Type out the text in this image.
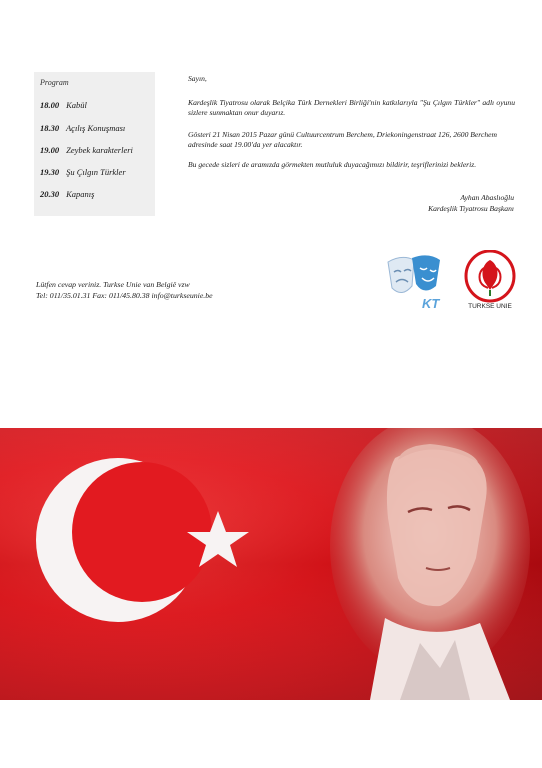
Program
18.00 Kabül
18.30 Açılış Konuşması
19.00 Zeybek karakterleri
19.30 Şu Çılgın Türkler
20.30 Kapanış
Sayın,
Kardeşlik Tiyatrosu olarak Belçika Türk Dernekleri Birliği'nin katkılarıyla "Şu Çılgın Türkler" adlı oyunu sizlere sunmaktan onur duyarız.
Gösteri 21 Nisan 2015 Pazar günü Cultuurcentrum Berchem, Driekoningenstraat 126, 2600 Berchem adresinde saat 19.00'da yer alacaktır.
Bu gecede sizleri de aramızda görmekten mutluluk duyacağımızı bildirir, teşriflerinizi bekleriz.
Ayhan Abaslıoğlu
Kardeşlik Tiyatrosu Başkanı
Lütfen cevap veriniz. Turkse Unie van België vzw
Tel: 011/35.01.31 Fax: 011/45.80.38 info@turkseunie.be
KT	TURKSE UNIE
